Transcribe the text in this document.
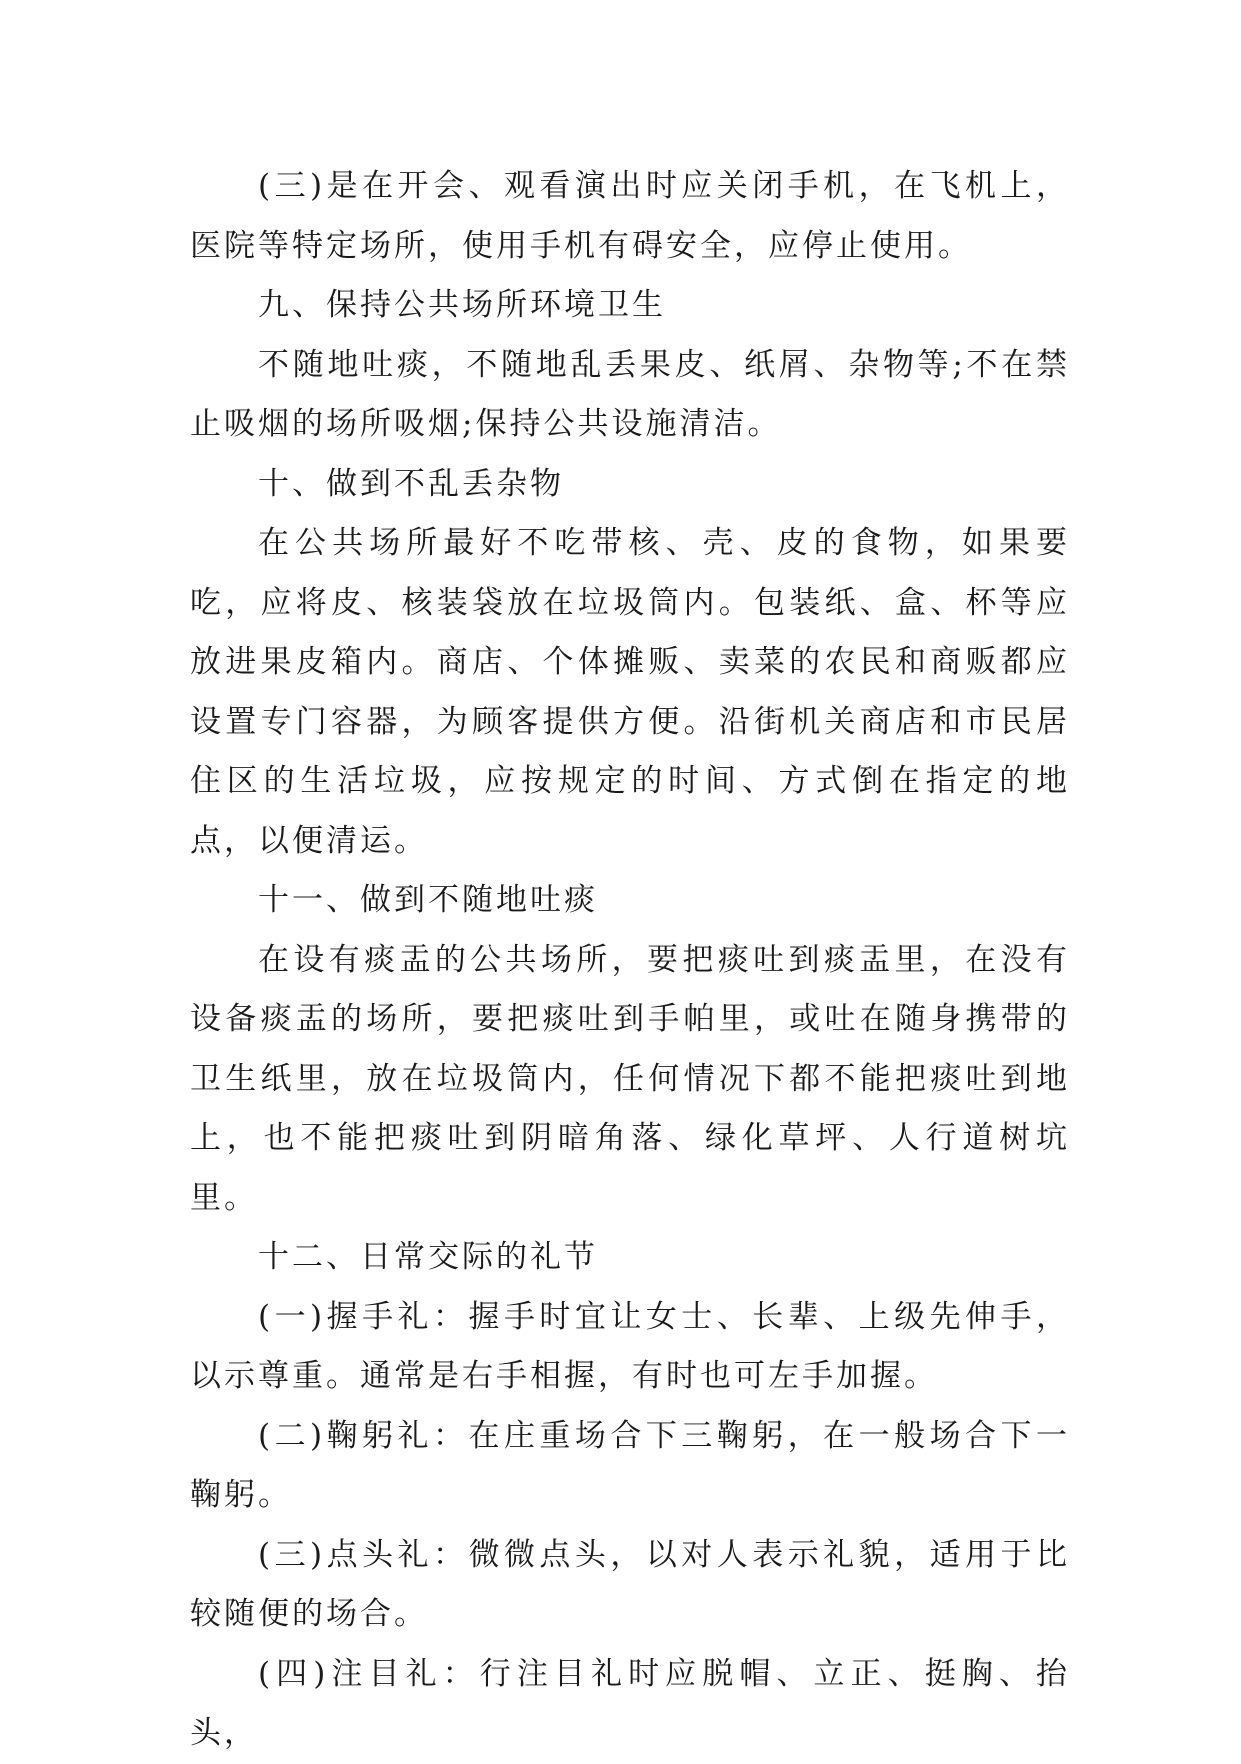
(三)是在开会、观看演出时应关闭手机，在飞机上，医院等特定场所，使用手机有碍安全，应停止使用。

九、保持公共场所环境卫生

不随地吐痰，不随地乱丢果皮、纸屑、杂物等;不在禁止吸烟的场所吸烟;保持公共设施清洁。

十、做到不乱丢杂物

在公共场所最好不吃带核、壳、皮的食物，如果要吃，应将皮、核装袋放在垃圾筒内。包装纸、盒、杯等应放进果皮箱内。商店、个体摊贩、卖菜的农民和商贩都应设置专门容器，为顾客提供方便。沿街机关商店和市民居住区的生活垃圾，应按规定的时间、方式倒在指定的地点，以便清运。

十一、做到不随地吐痰

在设有痰盂的公共场所，要把痰吐到痰盂里，在没有设备痰盂的场所，要把痰吐到手帕里，或吐在随身携带的卫生纸里，放在垃圾筒内，任何情况下都不能把痰吐到地上，也不能把痰吐到阴暗角落、绿化草坪、人行道树坑里。

十二、日常交际的礼节

(一)握手礼：握手时宜让女士、长辈、上级先伸手，以示尊重。通常是右手相握，有时也可左手加握。

(二)鞠躬礼：在庄重场合下三鞠躬，在一般场合下一鞠躬。

(三)点头礼：微微点头，以对人表示礼貌，适用于比较随便的场合。

(四)注目礼：行注目礼时应脱帽、立正、挺胸、抬头，
